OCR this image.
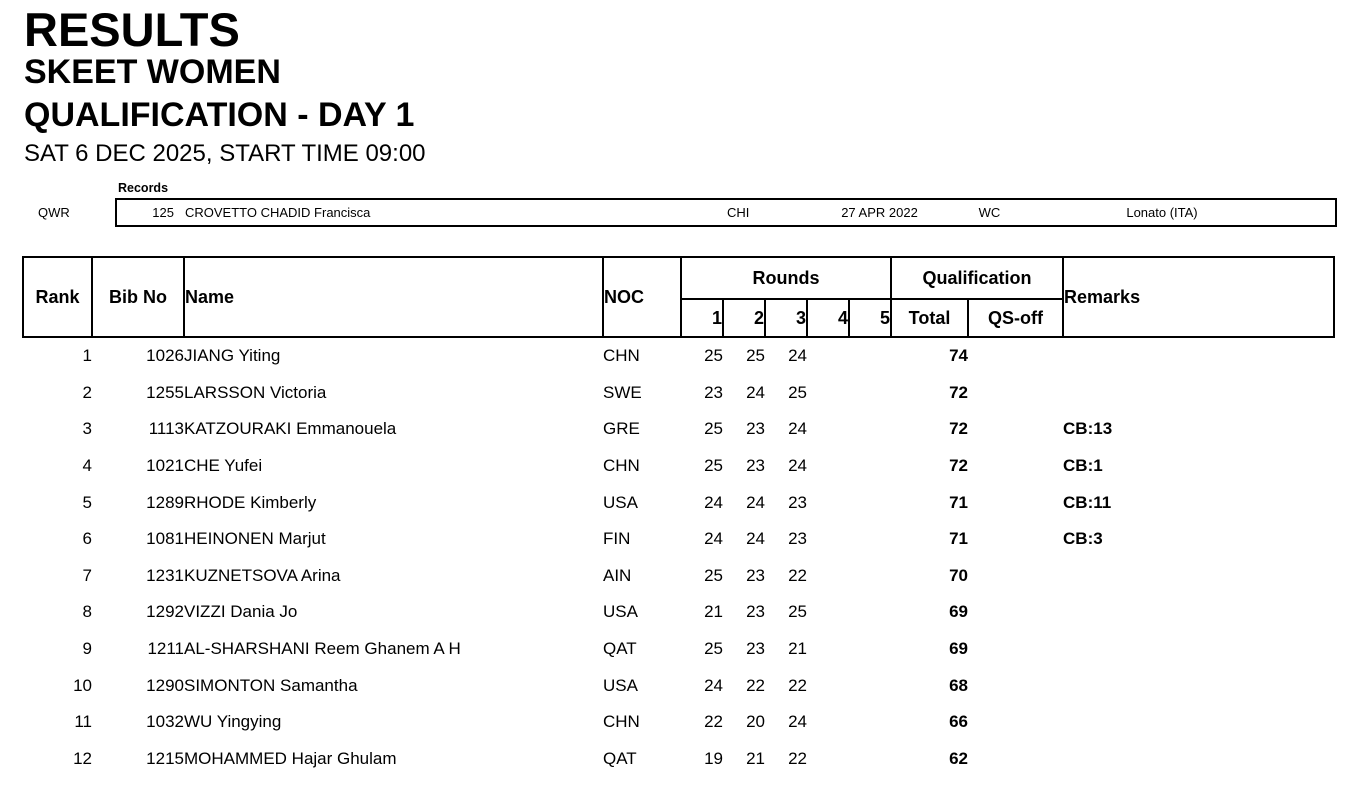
RESULTS
SKEET WOMEN
QUALIFICATION - DAY 1
SAT 6 DEC 2025, START TIME 09:00
Records
QWR	125 CROVETTO CHADID Francisca	CHI	27 APR 2022	WC	Lonato (ITA)
Rank	Bib No	Name	NOC	Rounds					Qualification		Remarks
				1	2	3	4	5	Total	QS-off	
1	1026	JIANG Yiting	CHN	25	25	24			74		
2	1255	LARSSON Victoria	SWE	23	24	25			72		
3	1113	KATZOURAKI Emmanouela	GRE	25	23	24			72		CB:13
4	1021	CHE Yufei	CHN	25	23	24			72		CB:1
5	1289	RHODE Kimberly	USA	24	24	23			71		CB:11
6	1081	HEINONEN Marjut	FIN	24	24	23			71		CB:3
7	1231	KUZNETSOVA Arina	AIN	25	23	22			70		
8	1292	VIZZI Dania Jo	USA	21	23	25			69		
9	1211	AL-SHARSHANI Reem Ghanem A H	QAT	25	23	21			69		
10	1290	SIMONTON Samantha	USA	24	22	22			68		
11	1032	WU Yingying	CHN	22	20	24			66		
12	1215	MOHAMMED Hajar Ghulam	QAT	19	21	22			62		
